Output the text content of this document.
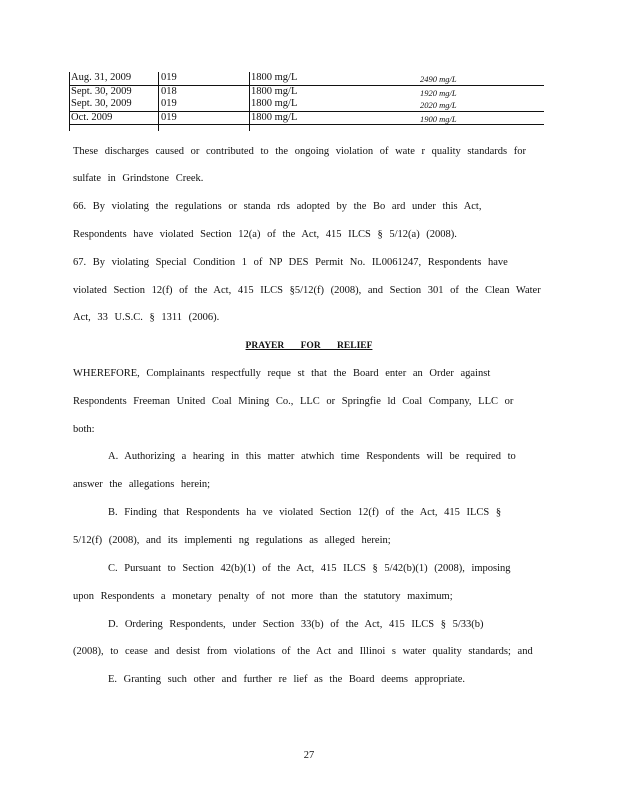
Aug. 31, 2009	019	1800 mg/L	2490 mg/L
Sept. 30, 2009	018	1800 mg/L	1920 mg/L
Sept. 30, 2009	019	1800 mg/L	2020 mg/L
Oct. 2009	019	1800 mg/L	1900 mg/L
These discharges caused or contributed to the ongoing violation of wate r quality standards for
sulfate in Grindstone Creek.
66. By violating the regulations or standa rds adopted by the Bo ard under this Act,
Respondents have violated Section 12(a) of the Act, 415 ILCS § 5/12(a) (2008).
67. By violating Special Condition 1 of NP DES Permit No. IL0061247, Respondents have
violated Section 12(f) of the Act, 415 ILCS §5/12(f) (2008), and Section 301 of the Clean Water
Act, 33 U.S.C. § 1311 (2006).
PRAYER FOR RELIEF
WHEREFORE, Complainants respectfully reque st that the Board enter an Order against
Respondents Freeman United Coal Mining Co., LLC or Springfie ld Coal Company, LLC or
both:
A. Authorizing a hearing in this matter atwhich time Respondents will be required to
answer the allegations herein;
B. Finding that Respondents ha ve violated Section 12(f) of the Act, 415 ILCS §
5/12(f) (2008), and its implementi ng regulations as alleged herein;
C. Pursuant to Section 42(b)(1) of the Act, 415 ILCS § 5/42(b)(1) (2008), imposing
upon Respondents a monetary penalty of not more than the statutory maximum;
D. Ordering Respondents, under Section 33(b) of the Act, 415 ILCS § 5/33(b)
(2008), to cease and desist from violations of the Act and Illinoi s water quality standards; and
E. Granting such other and further re lief as the Board deems appropriate.
27
